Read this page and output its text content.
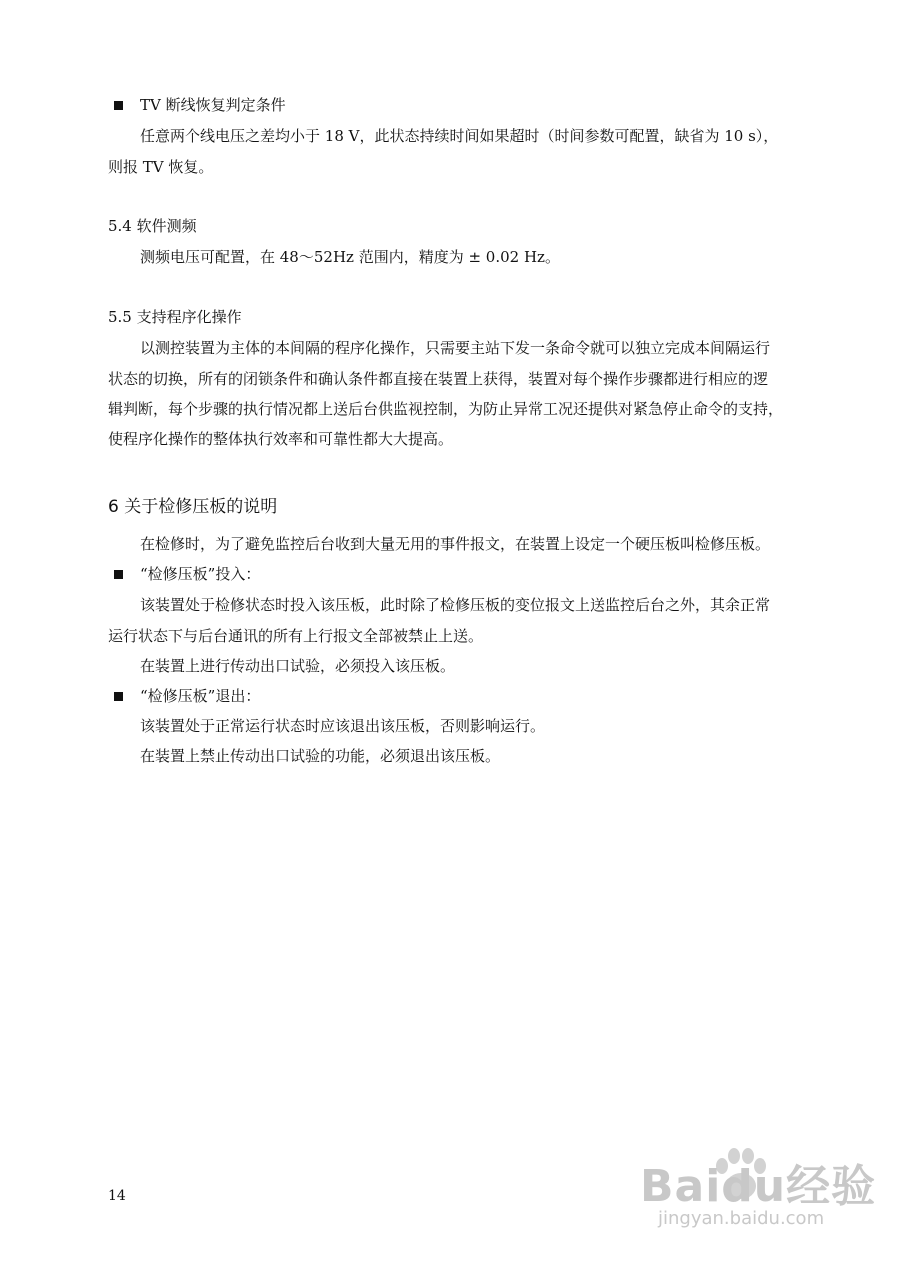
TV 断线恢复判定条件
任意两个线电压之差均小于 18 V，此状态持续时间如果超时（时间参数可配置，缺省为 10 s），
则报 TV 恢复。
5.4 软件测频
测频电压可配置，在 48～52Hz 范围内，精度为 ± 0.02 Hz。
5.5 支持程序化操作
以测控装置为主体的本间隔的程序化操作，只需要主站下发一条命令就可以独立完成本间隔运行
状态的切换，所有的闭锁条件和确认条件都直接在装置上获得，装置对每个操作步骤都进行相应的逻
辑判断，每个步骤的执行情况都上送后台供监视控制，为防止异常工况还提供对紧急停止命令的支持，
使程序化操作的整体执行效率和可靠性都大大提高。
6 关于检修压板的说明
在检修时，为了避免监控后台收到大量无用的事件报文，在装置上设定一个硬压板叫检修压板。
“检修压板”投入：
该装置处于检修状态时投入该压板，此时除了检修压板的变位报文上送监控后台之外，其余正常
运行状态下与后台通讯的所有上行报文全部被禁止上送。
在装置上进行传动出口试验，必须投入该压板。
“检修压板”退出：
该装置处于正常运行状态时应该退出该压板，否则影响运行。
在装置上禁止传动出口试验的功能，必须退出该压板。
14	Baidu经验
jingyan.baidu.com
